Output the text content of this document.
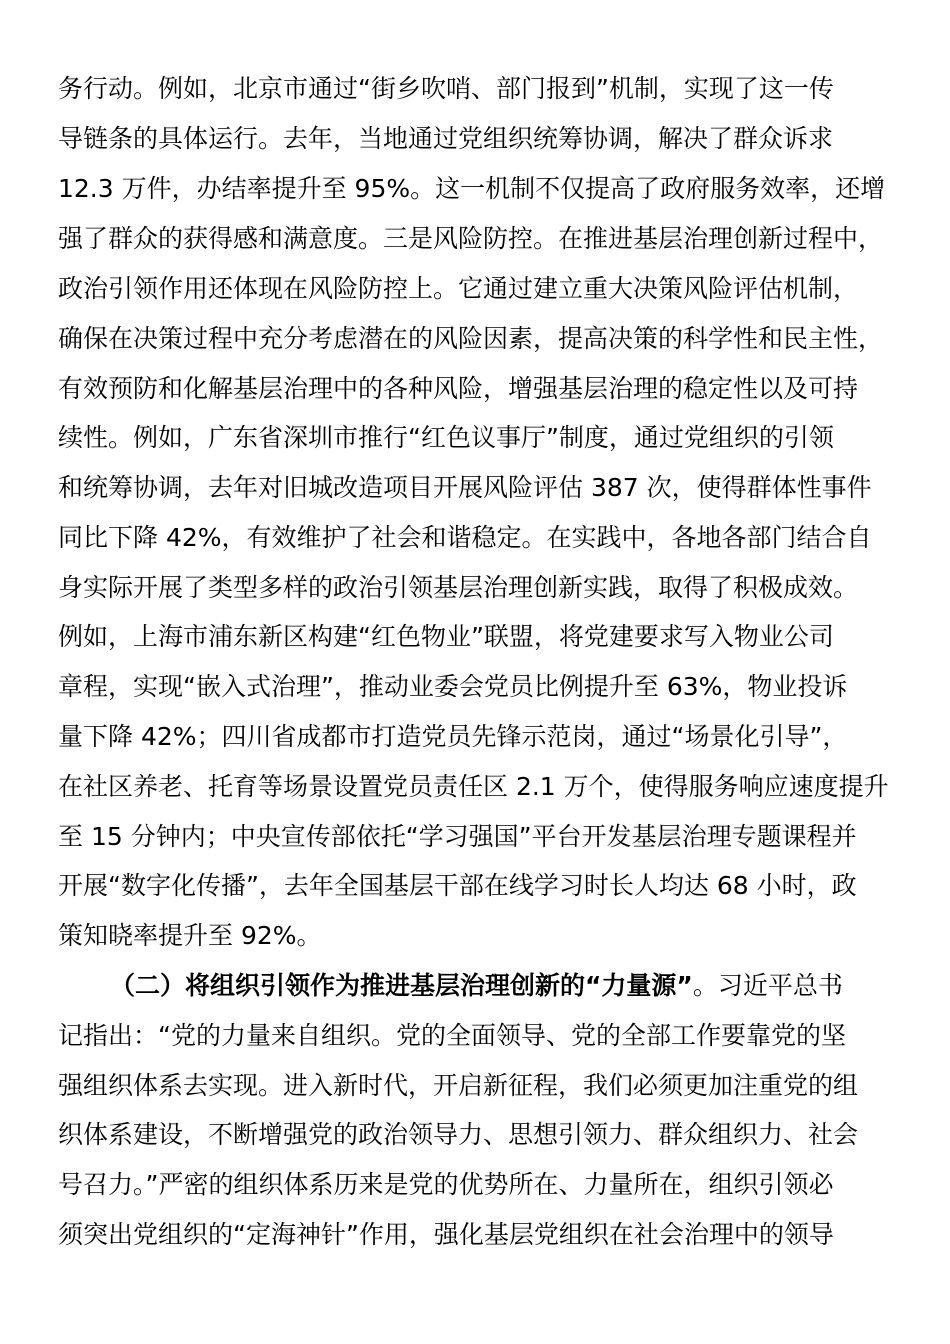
务行动。例如，北京市通过“街乡吹哨、部门报到”机制，实现了这一传
导链条的具体运行。去年，当地通过党组织统筹协调，解决了群众诉求
12.3 万件，办结率提升至 95%。这一机制不仅提高了政府服务效率，还增
强了群众的获得感和满意度。三是风险防控。在推进基层治理创新过程中，
政治引领作用还体现在风险防控上。它通过建立重大决策风险评估机制，
确保在决策过程中充分考虑潜在的风险因素，提高决策的科学性和民主性，
有效预防和化解基层治理中的各种风险，增强基层治理的稳定性以及可持
续性。例如，广东省深圳市推行“红色议事厅”制度，通过党组织的引领
和统筹协调，去年对旧城改造项目开展风险评估 387 次，使得群体性事件
同比下降 42%，有效维护了社会和谐稳定。在实践中，各地各部门结合自
身实际开展了类型多样的政治引领基层治理创新实践，取得了积极成效。
例如，上海市浦东新区构建“红色物业”联盟，将党建要求写入物业公司
章程，实现“嵌入式治理”，推动业委会党员比例提升至 63%，物业投诉
量下降 42%；四川省成都市打造党员先锋示范岗，通过“场景化引导”，
在社区养老、托育等场景设置党员责任区 2.1 万个，使得服务响应速度提升
至 15 分钟内；中央宣传部依托“学习强国”平台开发基层治理专题课程并
开展“数字化传播”，去年全国基层干部在线学习时长人均达 68 小时，政
策知晓率提升至 92%。
（二）将组织引领作为推进基层治理创新的“力量源”。习近平总书
记指出：“党的力量来自组织。党的全面领导、党的全部工作要靠党的坚
强组织体系去实现。进入新时代，开启新征程，我们必须更加注重党的组
织体系建设，不断增强党的政治领导力、思想引领力、群众组织力、社会
号召力。”严密的组织体系历来是党的优势所在、力量所在，组织引领必
须突出党组织的“定海神针”作用，强化基层党组织在社会治理中的领导
